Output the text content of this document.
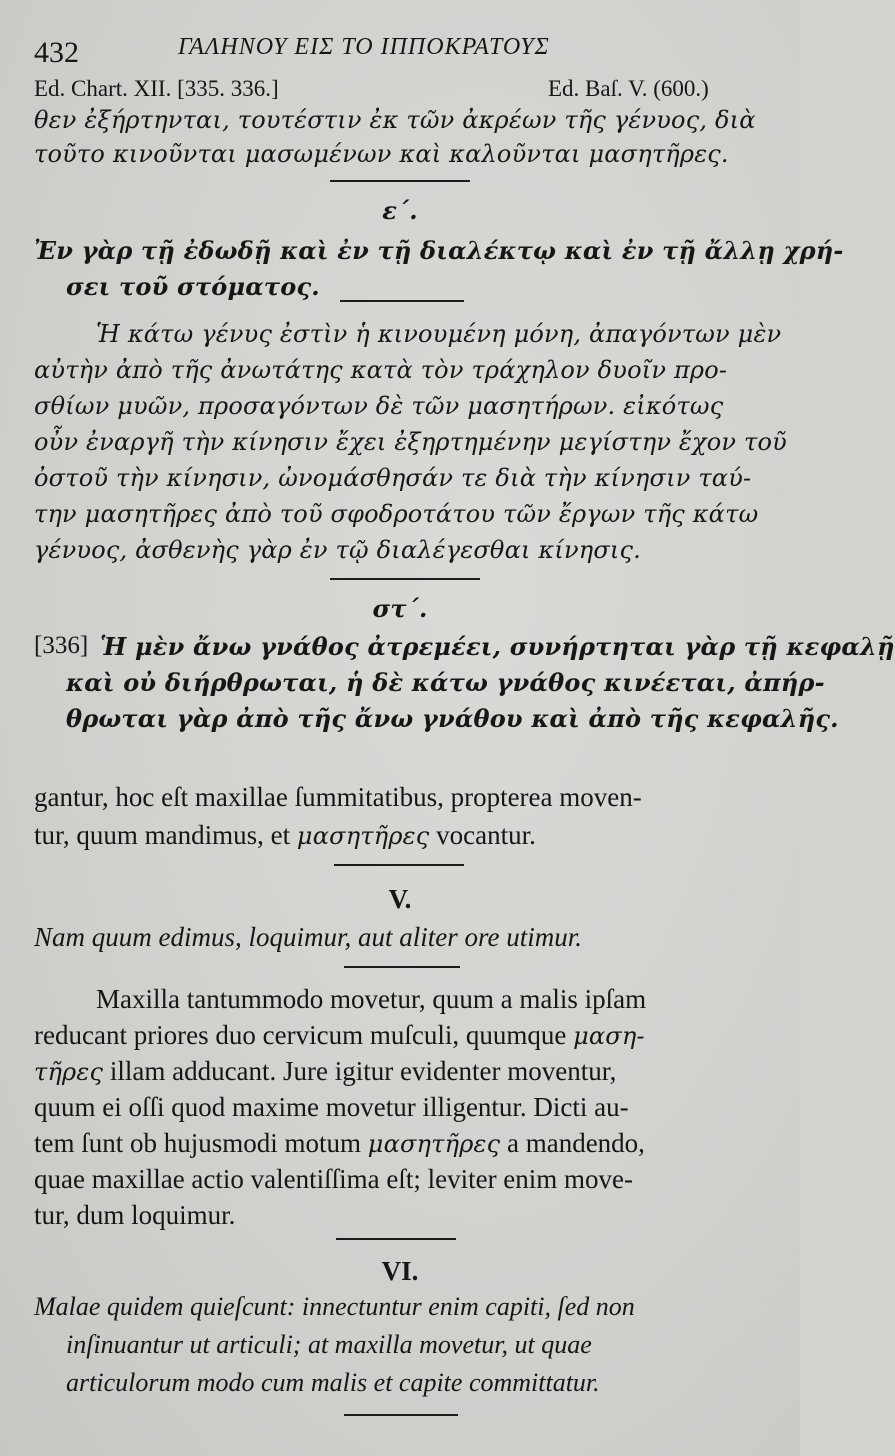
432	ΓΑΛΗΝΟΥ ΕΙΣ ΤΟ ΙΠΠΟΚΡΑΤΟΥΣ
Ed. Chart. XII. [335. 336.]	Ed. Baſ. V. (600.)
θεν ἐξήρτηνται, τουτέστιν ἐκ τῶν ἀκρέων τῆς γένυος, διὰ
τοῦτο κινοῦνται μασωμένων καὶ καλοῦνται μασητῆρες.
ε΄.
Ἐν γὰρ τῇ ἐδωδῇ καὶ ἐν τῇ διαλέκτῳ καὶ ἐν τῇ ἄλλῃ χρή-
σει τοῦ στόματος.
Ἡ κάτω γένυς ἐστὶν ἡ κινουμένη μόνη, ἀπαγόντων μὲν
αὐτὴν ἀπὸ τῆς ἀνωτάτης κατὰ τὸν τράχηλον δυοῖν προ-
σθίων μυῶν, προσαγόντων δὲ τῶν μασητήρων. εἰκότως
οὖν ἐναργῆ τὴν κίνησιν ἔχει ἐξηρτημένην μεγίστην ἔχον τοῦ
ὀστοῦ τὴν κίνησιν, ὠνομάσθησάν τε διὰ τὴν κίνησιν ταύ-
την μασητῆρες ἀπὸ τοῦ σφοδροτάτου τῶν ἔργων τῆς κάτω
γένυος, ἀσθενὴς γὰρ ἐν τῷ διαλέγεσθαι κίνησις.
στ΄.
[336] Ἡ μὲν ἄνω γνάθος ἀτρεμέει, συνήρτηται γὰρ τῇ κεφαλῇ
καὶ οὐ διήρθρωται, ἡ δὲ κάτω γνάθος κινέεται, ἀπήρ-
θρωται γὰρ ἀπὸ τῆς ἄνω γνάθου καὶ ἀπὸ τῆς κεφαλῆς.
gantur, hoc eſt maxillae ſummitatibus, propterea moven-
tur, quum mandimus, et μασητῆρες vocantur.
V.
Nam quum edimus, loquimur, aut aliter ore utimur.
Maxilla tantummodo movetur, quum a malis ipſam
reducant priores duo cervicum muſculi, quumque μαση-
τῆρες illam adducant. Jure igitur evidenter moventur,
quum ei oſſi quod maxime movetur illigentur. Dicti au-
tem ſunt ob hujusmodi motum μασητῆρες a mandendo,
quae maxillae actio valentiſſima eſt; leviter enim move-
tur, dum loquimur.
VI.
Malae quidem quieſcunt: innectuntur enim capiti, ſed non
inſinuantur ut articuli; at maxilla movetur, ut quae
articulorum modo cum malis et capite committatur.
